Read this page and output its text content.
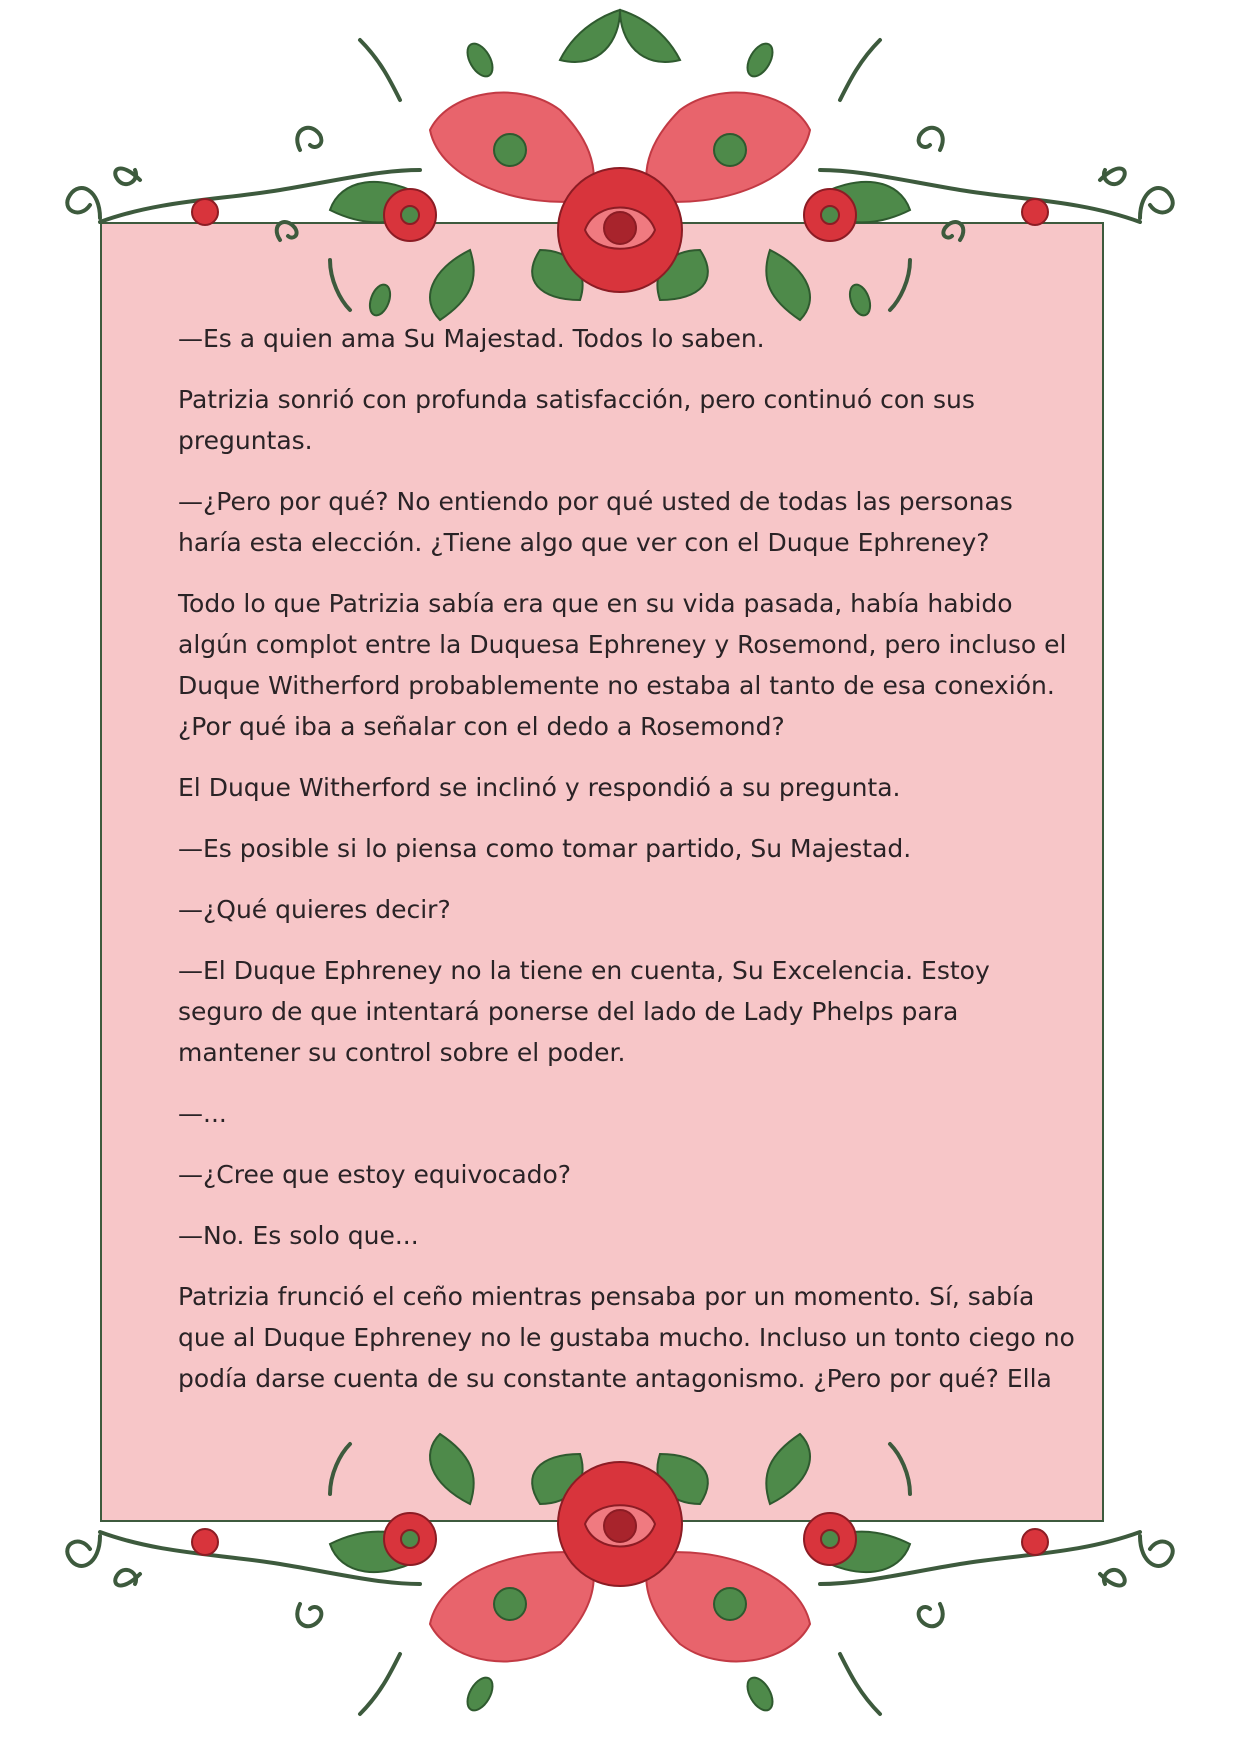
—Es a quien ama Su Majestad. Todos lo saben.

Patrizia sonrió con profunda satisfacción, pero continuó con sus preguntas.

—¿Pero por qué? No entiendo por qué usted de todas las personas haría esta elección. ¿Tiene algo que ver con el Duque Ephreney?

Todo lo que Patrizia sabía era que en su vida pasada, había habido algún complot entre la Duquesa Ephreney y Rosemond, pero incluso el Duque Witherford probablemente no estaba al tanto de esa conexión. ¿Por qué iba a señalar con el dedo a Rosemond?

El Duque Witherford se inclinó y respondió a su pregunta.

—Es posible si lo piensa como tomar partido, Su Majestad.

—¿Qué quieres decir?

—El Duque Ephreney no la tiene en cuenta, Su Excelencia. Estoy seguro de que intentará ponerse del lado de Lady Phelps para mantener su control sobre el poder.

—...

—¿Cree que estoy equivocado?

—No. Es solo que...

Patrizia frunció el ceño mientras pensaba por un momento. Sí, sabía que al Duque Ephreney no le gustaba mucho. Incluso un tonto ciego no podía darse cuenta de su constante antagonismo. ¿Pero por qué? Ella
